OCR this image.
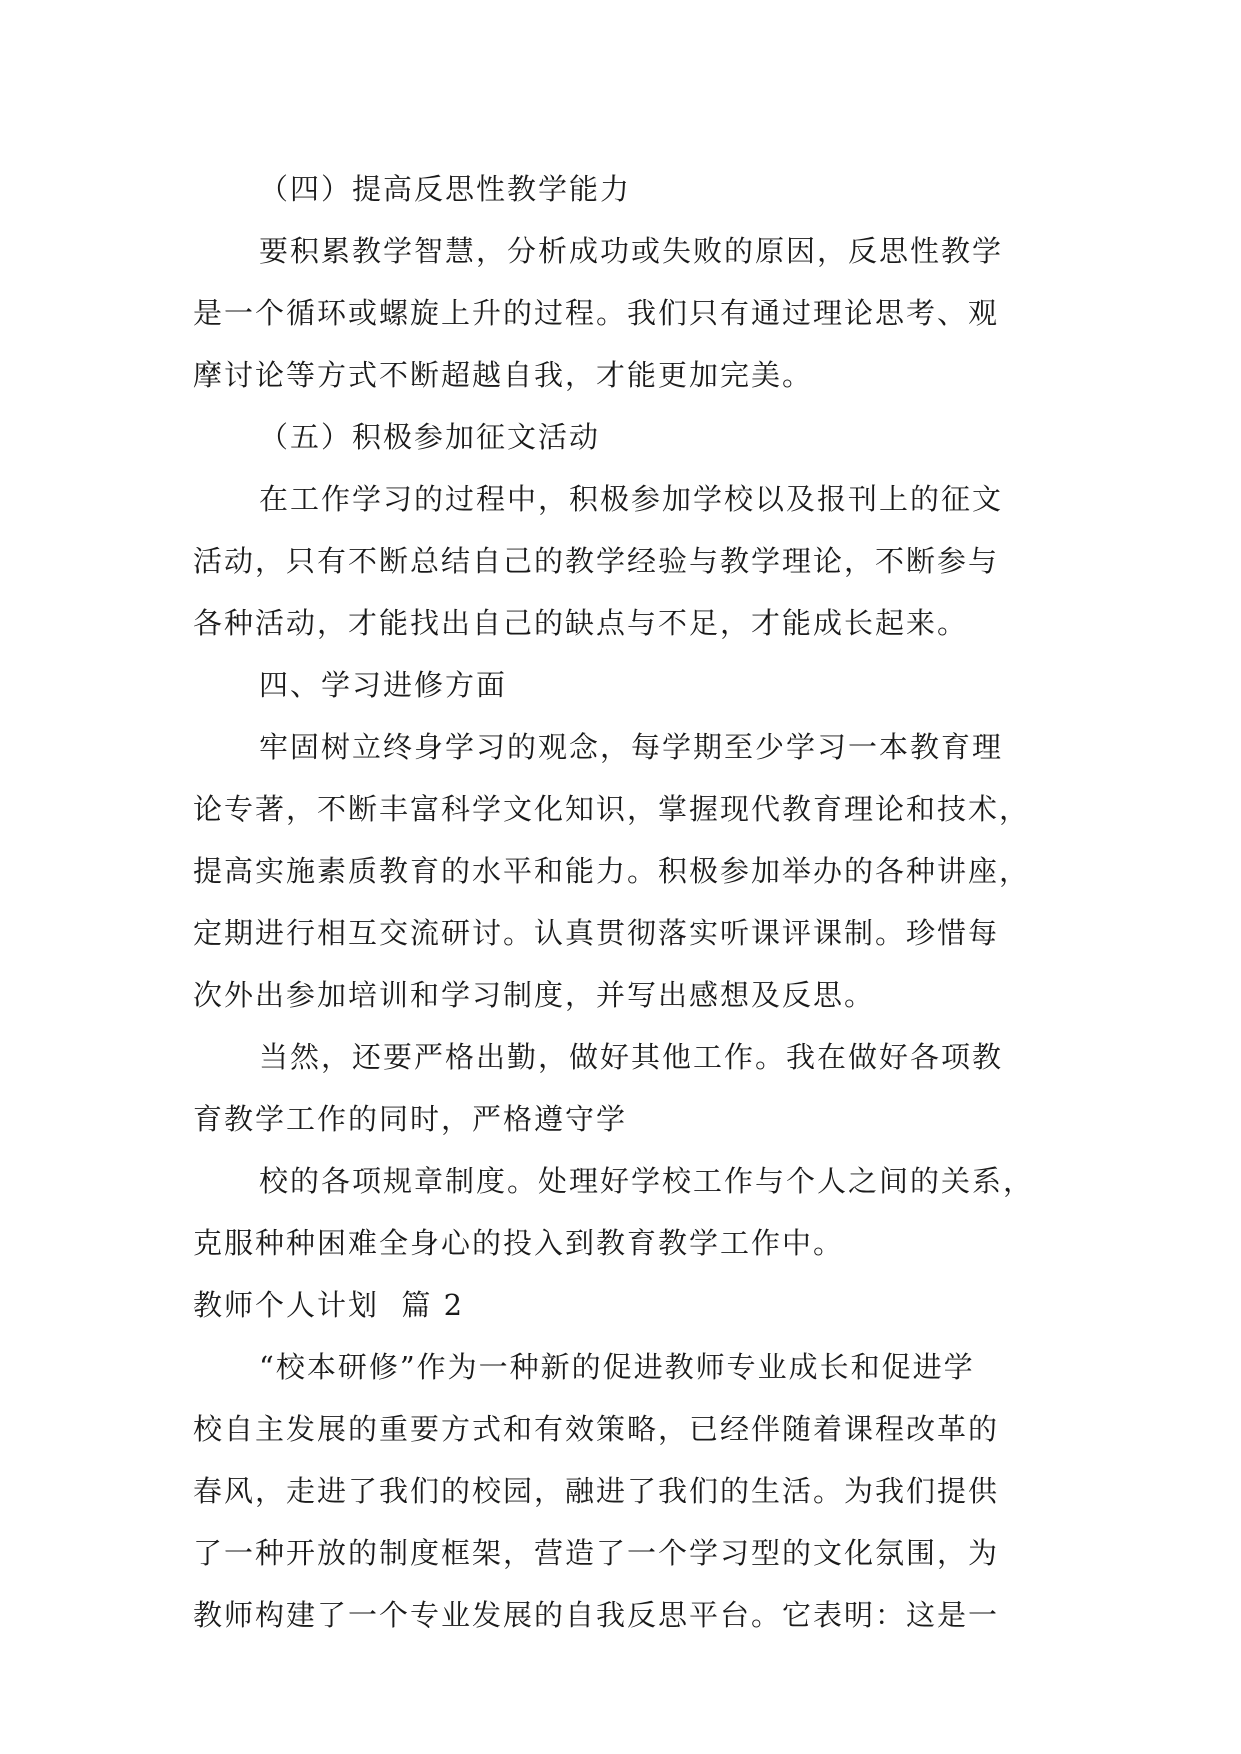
（四）提高反思性教学能力
要积累教学智慧，分析成功或失败的原因，反思性教学
是一个循环或螺旋上升的过程。我们只有通过理论思考、观
摩讨论等方式不断超越自我，才能更加完美。
（五）积极参加征文活动
在工作学习的过程中，积极参加学校以及报刊上的征文
活动，只有不断总结自己的教学经验与教学理论，不断参与
各种活动，才能找出自己的缺点与不足，才能成长起来。
四、学习进修方面
牢固树立终身学习的观念，每学期至少学习一本教育理
论专著，不断丰富科学文化知识，掌握现代教育理论和技术，
提高实施素质教育的水平和能力。积极参加举办的各种讲座，
定期进行相互交流研讨。认真贯彻落实听课评课制。珍惜每
次外出参加培训和学习制度，并写出感想及反思。
当然，还要严格出勤，做好其他工作。我在做好各项教
育教学工作的同时，严格遵守学
校的各项规章制度。处理好学校工作与个人之间的关系，
克服种种困难全身心的投入到教育教学工作中。
教师个人计划  篇 2
“校本研修”作为一种新的促进教师专业成长和促进学
校自主发展的重要方式和有效策略，已经伴随着课程改革的
春风，走进了我们的校园，融进了我们的生活。为我们提供
了一种开放的制度框架，营造了一个学习型的文化氛围，为
教师构建了一个专业发展的自我反思平台。它表明：这是一
